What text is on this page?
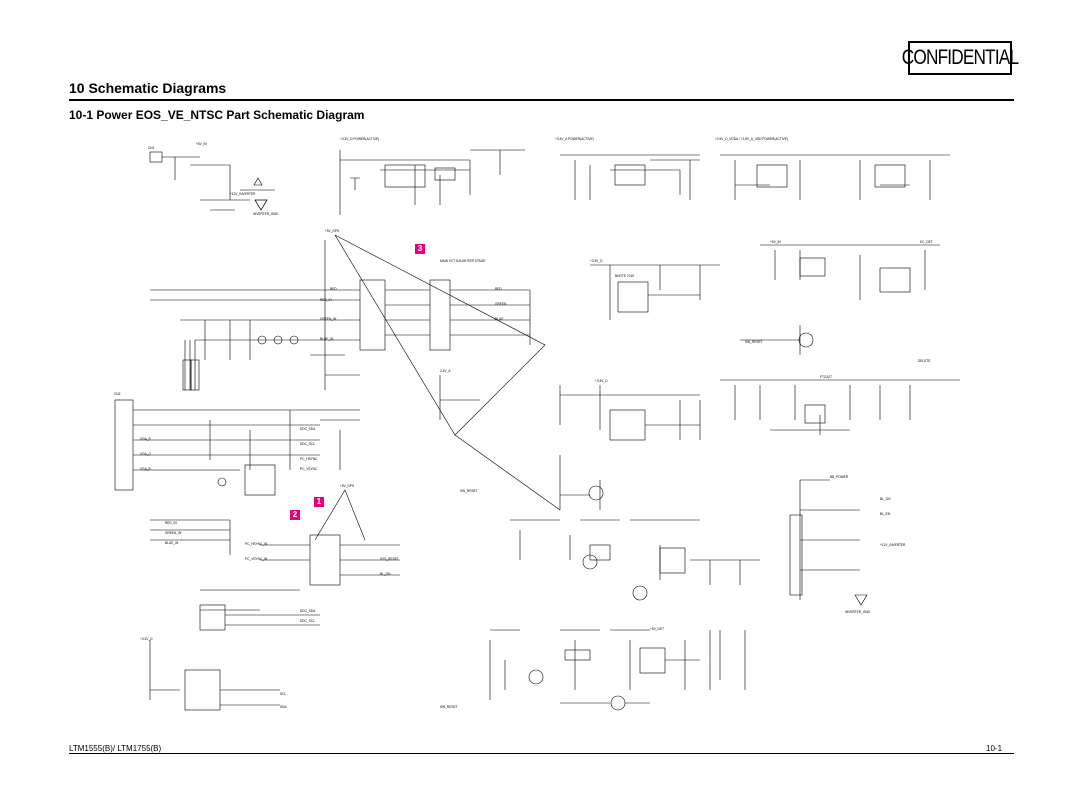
CONFIDENTIAL
10 Schematic Diagrams
10-1 Power EOS_VE_NTSC Part Schematic Diagram
CN1
+5V_IN
+3.3V_D POWER(ACTIVE)	+3.3V_A POWER(ACTIVE)	+2.5V_D_VDDA / +1.8V_A_VDD POWER(ACTIVE)
+12V_INVERTER
INVERTER_GND
+5V_DPS
MAIN VCT DAUGHTER STAGE	+3.3V_D
BHOTE 7019
RED
RED_IN
GREEN_IN
BLUE_IN
RED
GREEN
BLUE
+5V_IN	DC_DET
SW_RESET
DELETE
2.5V_A
+3.3V_D
FTCA27
CN2
VGA_R
VGA_G
VGA_B
DDC_SDA
DDC_SCL
PC_HSYNC
PC_VSYNC
+5V_DPS
SW_RESET
BB_POWER
BL_ON
BL_EN
+12V_INVERTER
INVERTER_GND
RED_IN
GREEN_IN
BLUE_IN	PC_HSYNC_IN
PC_VSYNC_IN	SYS_RESET
BL_ON
DDC_SDA
DDC_SCL
+3.3V_D
SCL
SDA	SW_RESET
+5V_DET
3
1
2
LTM1555(B)/ LTM1755(B)	10-1
